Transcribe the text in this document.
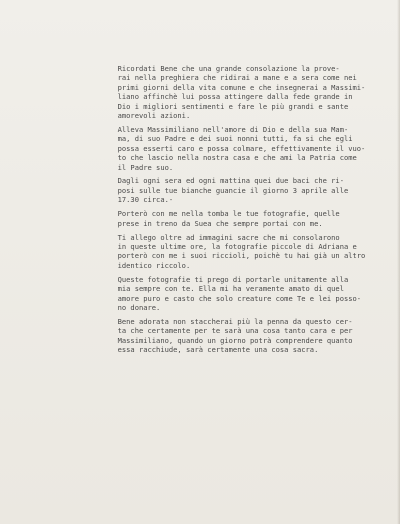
Ricordati Bene che una grande consolazione la prove-
rai nella preghiera che ridirai a mane e a sera come nei
primi giorni della vita comune e che insegnerai a Massimi-
liano affinchè lui possa attingere dalla fede grande in
Dio i migliori sentimenti e fare le più grandi e sante
amorevoli azioni.
Alleva Massimiliano nell'amore di Dio e della sua Mam-
ma, di suo Padre e dei suoi nonni tutti, fa si che egli
possa esserti caro e possa colmare, effettivamente il vuo-
to che lascio nella nostra casa e che ami la Patria come
il Padre suo.
Dagli ogni sera ed ogni mattina quei due baci che ri-
posi sulle tue bianche guancie il giorno 3 aprile alle
17.30 circa.-
Porterò con me nella tomba le tue fotografie, quelle
prese in treno da Suea che sempre portai con me.
Ti allego oltre ad immagini sacre che mi consolarono
in queste ultime ore, la fotografie piccole di Adriana e
porterò con me i suoi riccioli, poichè tu hai già un altro
identico riccolo.
Queste fotografie ti prego di portarle unitamente alla
mia sempre con te. Ella mi ha veramente amato di quel
amore puro e casto che solo creature come Te e lei posso-
no donare.
Bene adorata non staccherai più la penna da questo cer-
ta che certamente per te sarà una cosa tanto cara e per
Massimiliano, quando un giorno potrà comprendere quanto
essa racchiude, sarà certamente una cosa sacra.
